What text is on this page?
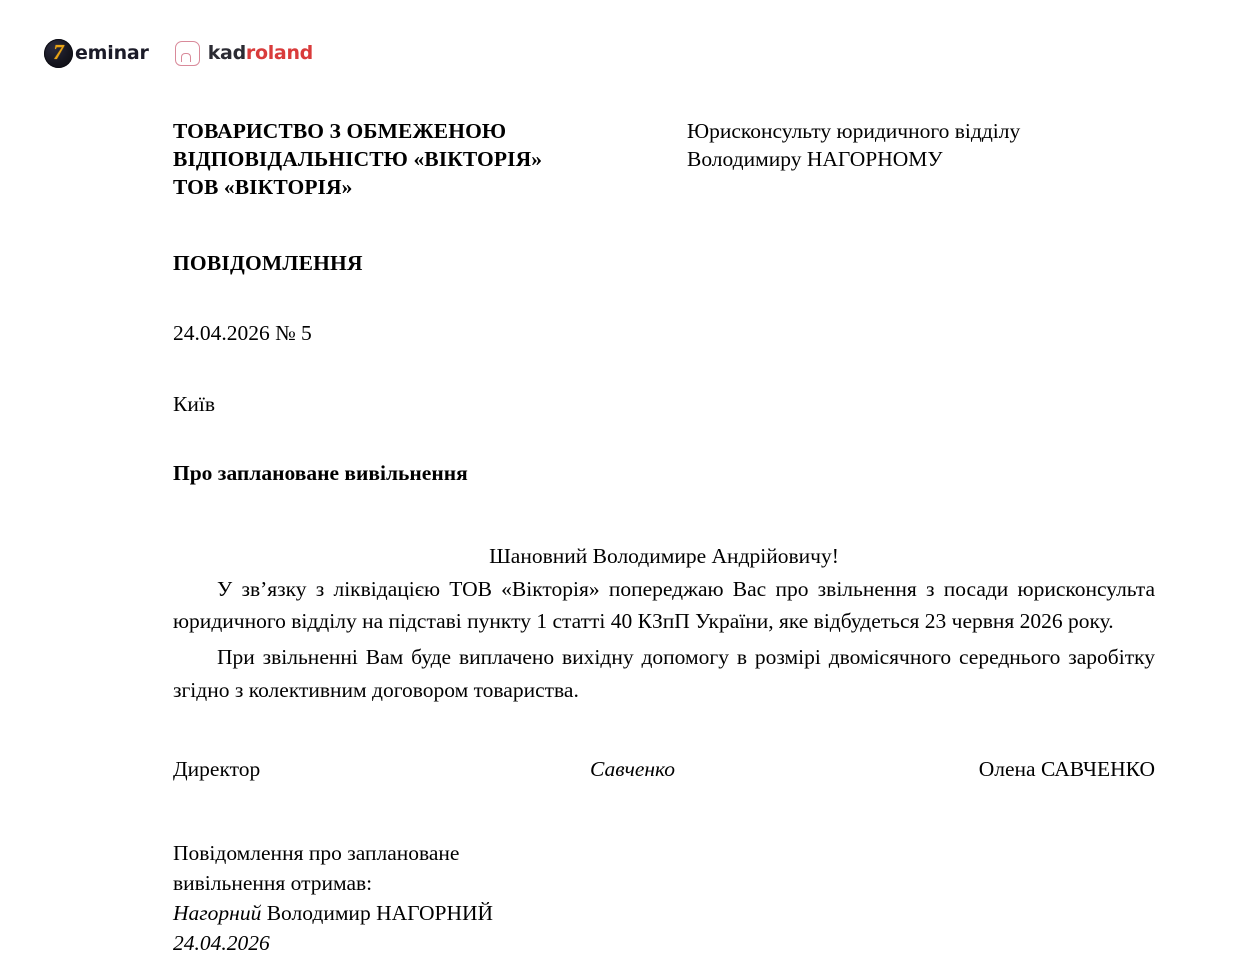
7 eminar	kadroland
ТОВАРИСТВО З ОБМЕЖЕНОЮ
ВІДПОВІДАЛЬНІСТЮ «ВІКТОРІЯ»
ТОВ «ВІКТОРІЯ»
Юрисконсульту юридичного відділу
Володимиру НАГОРНОМУ
ПОВІДОМЛЕННЯ
24.04.2026 № 5
Київ
Про заплановане вивільнення
Шановний Володимире Андрійовичу!
У зв’язку з ліквідацією ТОВ «Вікторія» попереджаю Вас про звільнення з посади юрисконсульта юридичного відділу на підставі пункту 1 статті 40 КЗпП України, яке відбудеться 23 червня 2026 року.
При звільненні Вам буде виплачено вихідну допомогу в розмірі двомісячного середнього заробітку згідно з колективним договором товариства.
Директор	Савченко	Олена САВЧЕНКО
Повідомлення про заплановане
вивільнення отримав:
Нагорний Володимир НАГОРНИЙ
24.04.2026
